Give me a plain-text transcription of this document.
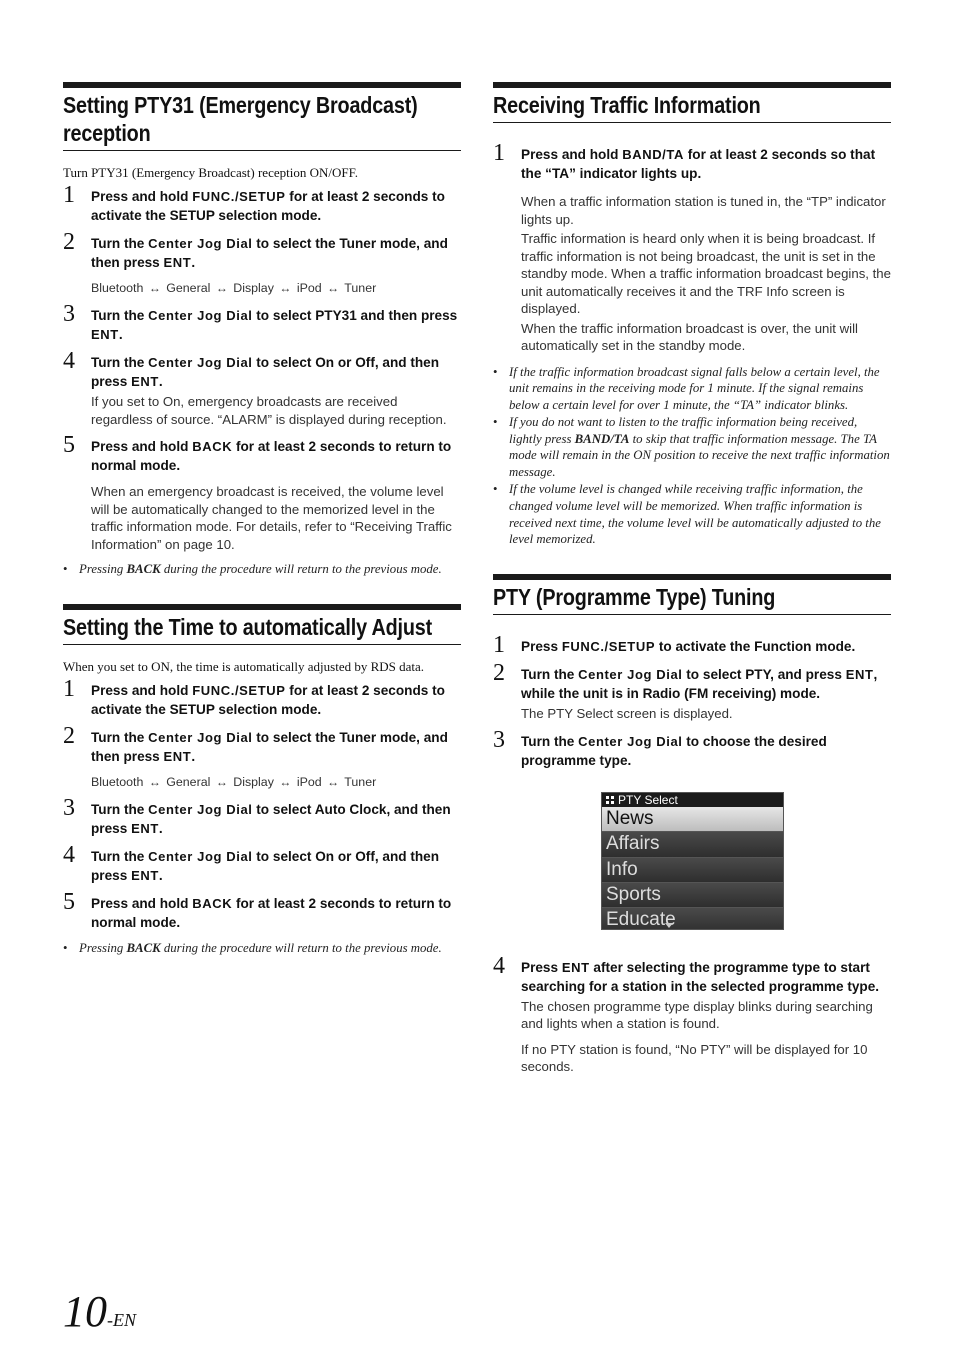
Setting PTY31 (Emergency Broadcast) reception

Turn PTY31 (Emergency Broadcast) reception ON/OFF.

1 Press and hold FUNC./SETUP for at least 2 seconds to activate the SETUP selection mode.
2 Turn the Center Jog Dial to select the Tuner mode, and then press ENT.
Bluetooth ↔ General ↔ Display ↔ iPod ↔ Tuner
3 Turn the Center Jog Dial to select PTY31 and then press ENT.
4 Turn the Center Jog Dial to select On or Off, and then press ENT.

If you set to On, emergency broadcasts are received regardless of source. “ALARM” is displayed during reception.

5 Press and hold BACK for at least 2 seconds to return to normal mode.

When an emergency broadcast is received, the volume level will be automatically changed to the memorized level in the traffic information mode. For details, refer to “Receiving Traffic Information” on page 10.

• Pressing BACK during the procedure will return to the previous mode.
Setting the Time to automatically Adjust

When you set to ON, the time is automatically adjusted by RDS data.

1 Press and hold FUNC./SETUP for at least 2 seconds to activate the SETUP selection mode.
2 Turn the Center Jog Dial to select the Tuner mode, and then press ENT.
Bluetooth ↔ General ↔ Display ↔ iPod ↔ Tuner
3 Turn the Center Jog Dial to select Auto Clock, and then press ENT.
4 Turn the Center Jog Dial to select On or Off, and then press ENT.
5 Press and hold BACK for at least 2 seconds to return to normal mode.
• Pressing BACK during the procedure will return to the previous mode.
Receiving Traffic Information
1 Press and hold BAND/TA for at least 2 seconds so that the “TA” indicator lights up.

When a traffic information station is tuned in, the “TP” indicator lights up.

Traffic information is heard only when it is being broadcast. If traffic information is not being broadcast, the unit is set in the standby mode. When a traffic information broadcast begins, the unit automatically receives it and the TRF Info screen is displayed.

When the traffic information broadcast is over, the unit will automatically set in the standby mode.

• If the traffic information broadcast signal falls below a certain level, the unit remains in the receiving mode for 1 minute. If the signal remains below a certain level for over 1 minute, the “TA” indicator blinks.
• If you do not want to listen to the traffic information being received, lightly press BAND/TA to skip that traffic information message. The TA mode will remain in the ON position to receive the next traffic information message.
• If the volume level is changed while receiving traffic information, the changed volume level will be memorized. When traffic information is received next time, the volume level will be automatically adjusted to the level memorized.
PTY (Programme Type) Tuning
1 Press FUNC./SETUP to activate the Function mode.
2 Turn the Center Jog Dial to select PTY, and press ENT, while the unit is in Radio (FM receiving) mode.

The PTY Select screen is displayed.

3 Turn the Center Jog Dial to choose the desired programme type.
PTY Select
News
Affairs
Info
Sports
Educate
4 Press ENT after selecting the programme type to start searching for a station in the selected programme type.

The chosen programme type display blinks during searching and lights when a station is found.

If no PTY station is found, “No PTY” will be displayed for 10 seconds.

10-EN
